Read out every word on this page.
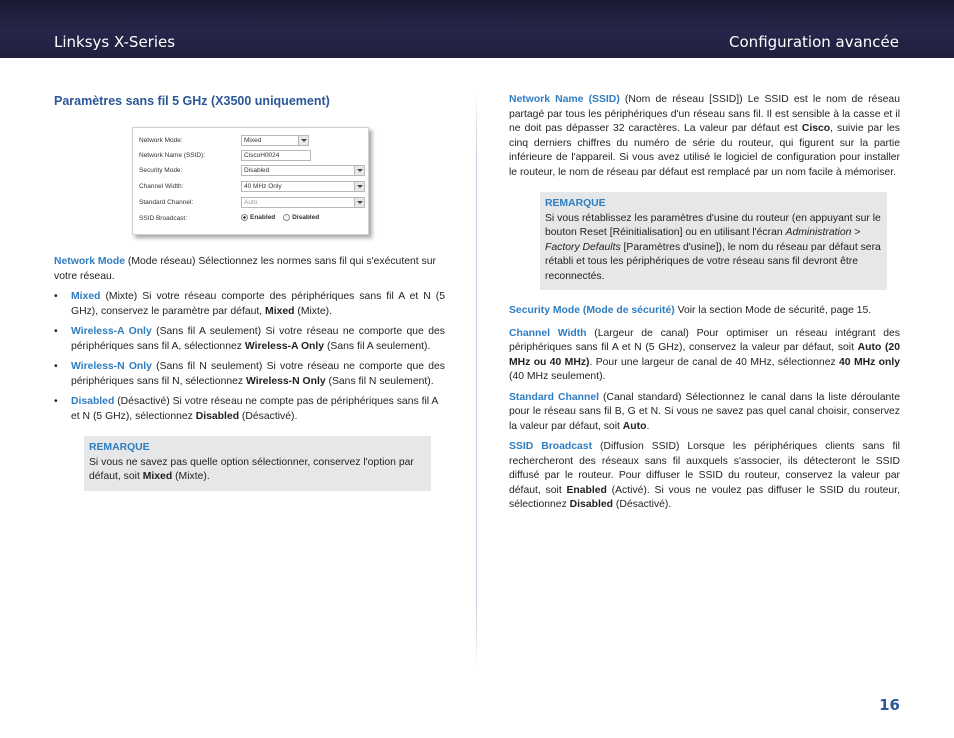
Linksys X-Series	Configuration avancée
Paramètres sans fil 5 GHz (X3500 uniquement)
Network Mode:	Mixed
Network Name (SSID):	CiscoH0024
Security Mode:	Disabled
Channel Width:	40 MHz Only
Standard Channel:	Auto
SSID Broadcast:	Enabled	Disabled

Network Mode (Mode réseau) Sélectionnez les normes sans fil qui s'exécutent sur votre réseau.

• Mixed (Mixte) Si votre réseau comporte des périphériques sans fil A et N (5 GHz), conservez le paramètre par défaut, Mixed (Mixte).
• Wireless-A Only (Sans fil A seulement) Si votre réseau ne comporte que des périphériques sans fil A, sélectionnez Wireless-A Only (Sans fil A seulement).
• Wireless-N Only (Sans fil N seulement) Si votre réseau ne comporte que des périphériques sans fil N, sélectionnez Wireless-N Only (Sans fil N seulement).
• Disabled (Désactivé) Si votre réseau ne compte pas de périphériques sans fil A et N (5 GHz), sélectionnez Disabled (Désactivé).
REMARQUE
Si vous ne savez pas quelle option sélectionner, conservez l'option par défaut, soit Mixed (Mixte).

Network Name (SSID) (Nom de réseau [SSID]) Le SSID est le nom de réseau partagé par tous les périphériques d'un réseau sans fil. Il est sensible à la casse et il ne doit pas dépasser 32 caractères. La valeur par défaut est Cisco, suivie par les cinq derniers chiffres du numéro de série du routeur, qui figurent sur la partie inférieure de l'appareil. Si vous avez utilisé le logiciel de configuration pour installer le routeur, le nom de réseau par défaut est remplacé par un nom facile à mémoriser.

REMARQUE
Si vous rétablissez les paramètres d'usine du routeur (en appuyant sur le bouton Reset [Réinitialisation] ou en utilisant l'écran Administration > Factory Defaults [Paramètres d'usine]), le nom du réseau par défaut sera rétabli et tous les périphériques de votre réseau sans fil devront être reconnectés.

Security Mode (Mode de sécurité) Voir la section Mode de sécurité, page 15.

Channel Width (Largeur de canal) Pour optimiser un réseau intégrant des périphériques sans fil A et N (5 GHz), conservez la valeur par défaut, soit Auto (20 MHz ou 40 MHz). Pour une largeur de canal de 40 MHz, sélectionnez 40 MHz only (40 MHz seulement).

Standard Channel (Canal standard) Sélectionnez le canal dans la liste déroulante pour le réseau sans fil B, G et N. Si vous ne savez pas quel canal choisir, conservez la valeur par défaut, soit Auto.

SSID Broadcast (Diffusion SSID) Lorsque les périphériques clients sans fil rechercheront des réseaux sans fil auxquels s'associer, ils détecteront le SSID diffusé par le routeur. Pour diffuser le SSID du routeur, conservez la valeur par défaut, soit Enabled (Activé). Si vous ne voulez pas diffuser le SSID du routeur, sélectionnez Disabled (Désactivé).

16
